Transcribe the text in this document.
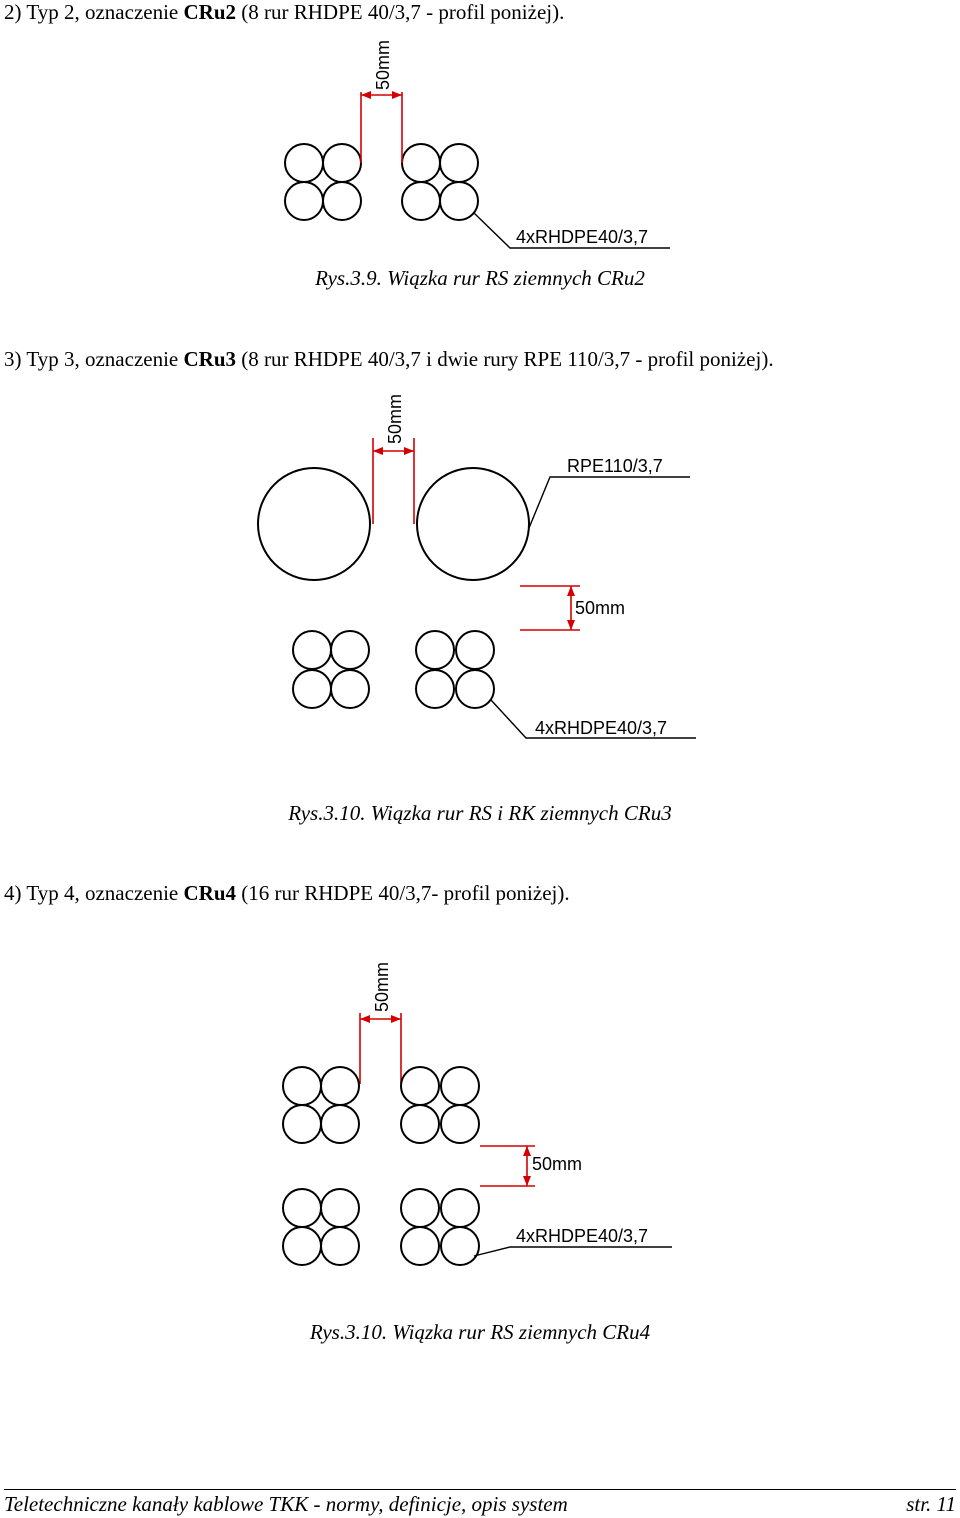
2) Typ 2, oznaczenie CRu2 (8 rur RHDPE 40/3,7 - profil poniżej).
50mm
4xRHDPE40/3,7
Rys.3.9. Wiązka rur RS ziemnych CRu2
3) Typ 3, oznaczenie CRu3 (8 rur RHDPE 40/3,7 i dwie rury RPE 110/3,7 - profil poniżej).
50mm
RPE110/3,7
50mm
4xRHDPE40/3,7
Rys.3.10. Wiązka rur RS i RK ziemnych CRu3
4) Typ 4, oznaczenie CRu4 (16 rur RHDPE 40/3,7- profil poniżej).
50mm
50mm
4xRHDPE40/3,7
Rys.3.10. Wiązka rur RS ziemnych CRu4
Teletechniczne kanały kablowe TKK - normy, definicje, opis system	str. 11
